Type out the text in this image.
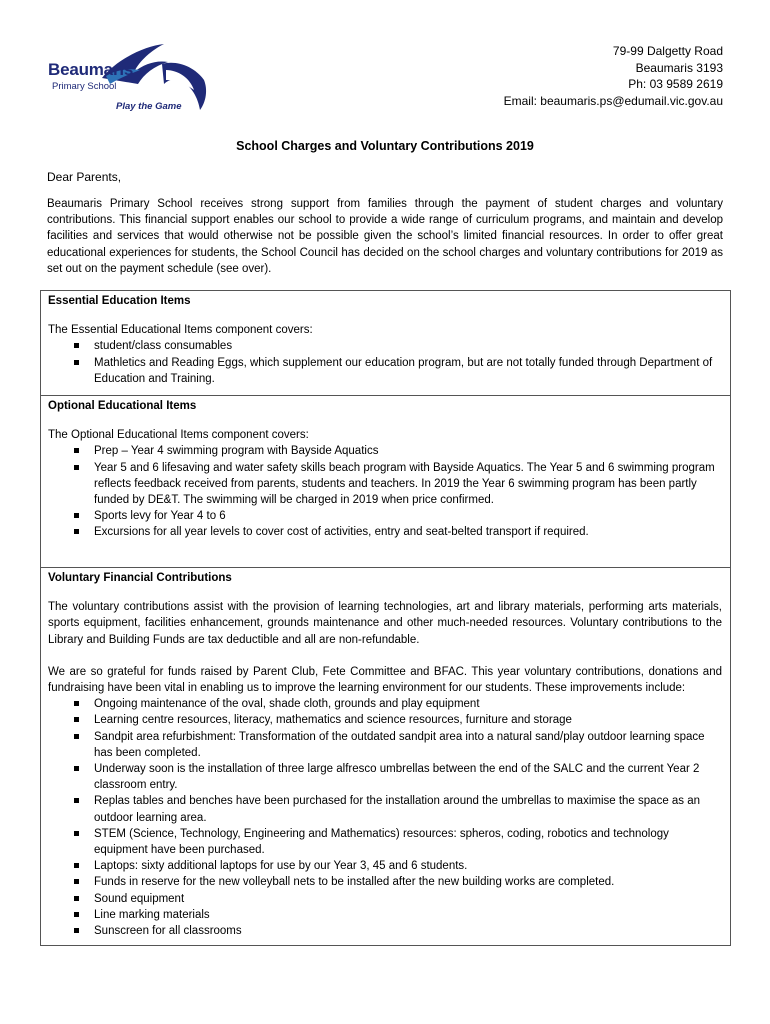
Beaumaris
Primary School
Play the Game
79-99 Dalgetty Road
Beaumaris 3193
Ph: 03 9589 2619
Email: beaumaris.ps@edumail.vic.gov.au
School Charges and Voluntary Contributions 2019
Dear Parents,
Beaumaris Primary School receives strong support from families through the payment of student charges and voluntary contributions. This financial support enables our school to provide a wide range of curriculum programs, and maintain and develop facilities and services that would otherwise not be possible given the school’s limited financial resources. In order to offer great educational experiences for students, the School Council has decided on the school charges and voluntary contributions for 2019 as set out on the payment schedule (see over).
Essential Education Items

The Essential Educational Items component covers:

student/class consumables
Mathletics and Reading Eggs, which supplement our education program, but are not totally funded through Department of Education and Training.
Optional Educational Items

The Optional Educational Items component covers:

Prep – Year 4 swimming program with Bayside Aquatics
Year 5 and 6 lifesaving and water safety skills beach program with Bayside Aquatics. The Year 5 and 6 swimming program reflects feedback received from parents, students and teachers. In 2019 the Year 6 swimming program has been partly funded by DE&T. The swimming will be charged in 2019 when price confirmed.
Sports levy for Year 4 to 6
Excursions for all year levels to cover cost of activities, entry and seat-belted transport if required.
Voluntary Financial Contributions

The voluntary contributions assist with the provision of learning technologies, art and library materials, performing arts materials, sports equipment, facilities enhancement, grounds maintenance and other much-needed resources. Voluntary contributions to the Library and Building Funds are tax deductible and all are non-refundable.

We are so grateful for funds raised by Parent Club, Fete Committee and BFAC. This year voluntary contributions, donations and fundraising have been vital in enabling us to improve the learning environment for our students. These improvements include:

Ongoing maintenance of the oval, shade cloth, grounds and play equipment
Learning centre resources, literacy, mathematics and science resources, furniture and storage
Sandpit area refurbishment: Transformation of the outdated sandpit area into a natural sand/play outdoor learning space has been completed.
Underway soon is the installation of three large alfresco umbrellas between the end of the SALC and the current Year 2 classroom entry.
Replas tables and benches have been purchased for the installation around the umbrellas to maximise the space as an outdoor learning area.
STEM (Science, Technology, Engineering and Mathematics) resources: spheros, coding, robotics and technology equipment have been purchased.
Laptops: sixty additional laptops for use by our Year 3, 45 and 6 students.
Funds in reserve for the new volleyball nets to be installed after the new building works are completed.
Sound equipment
Line marking materials
Sunscreen for all classrooms
